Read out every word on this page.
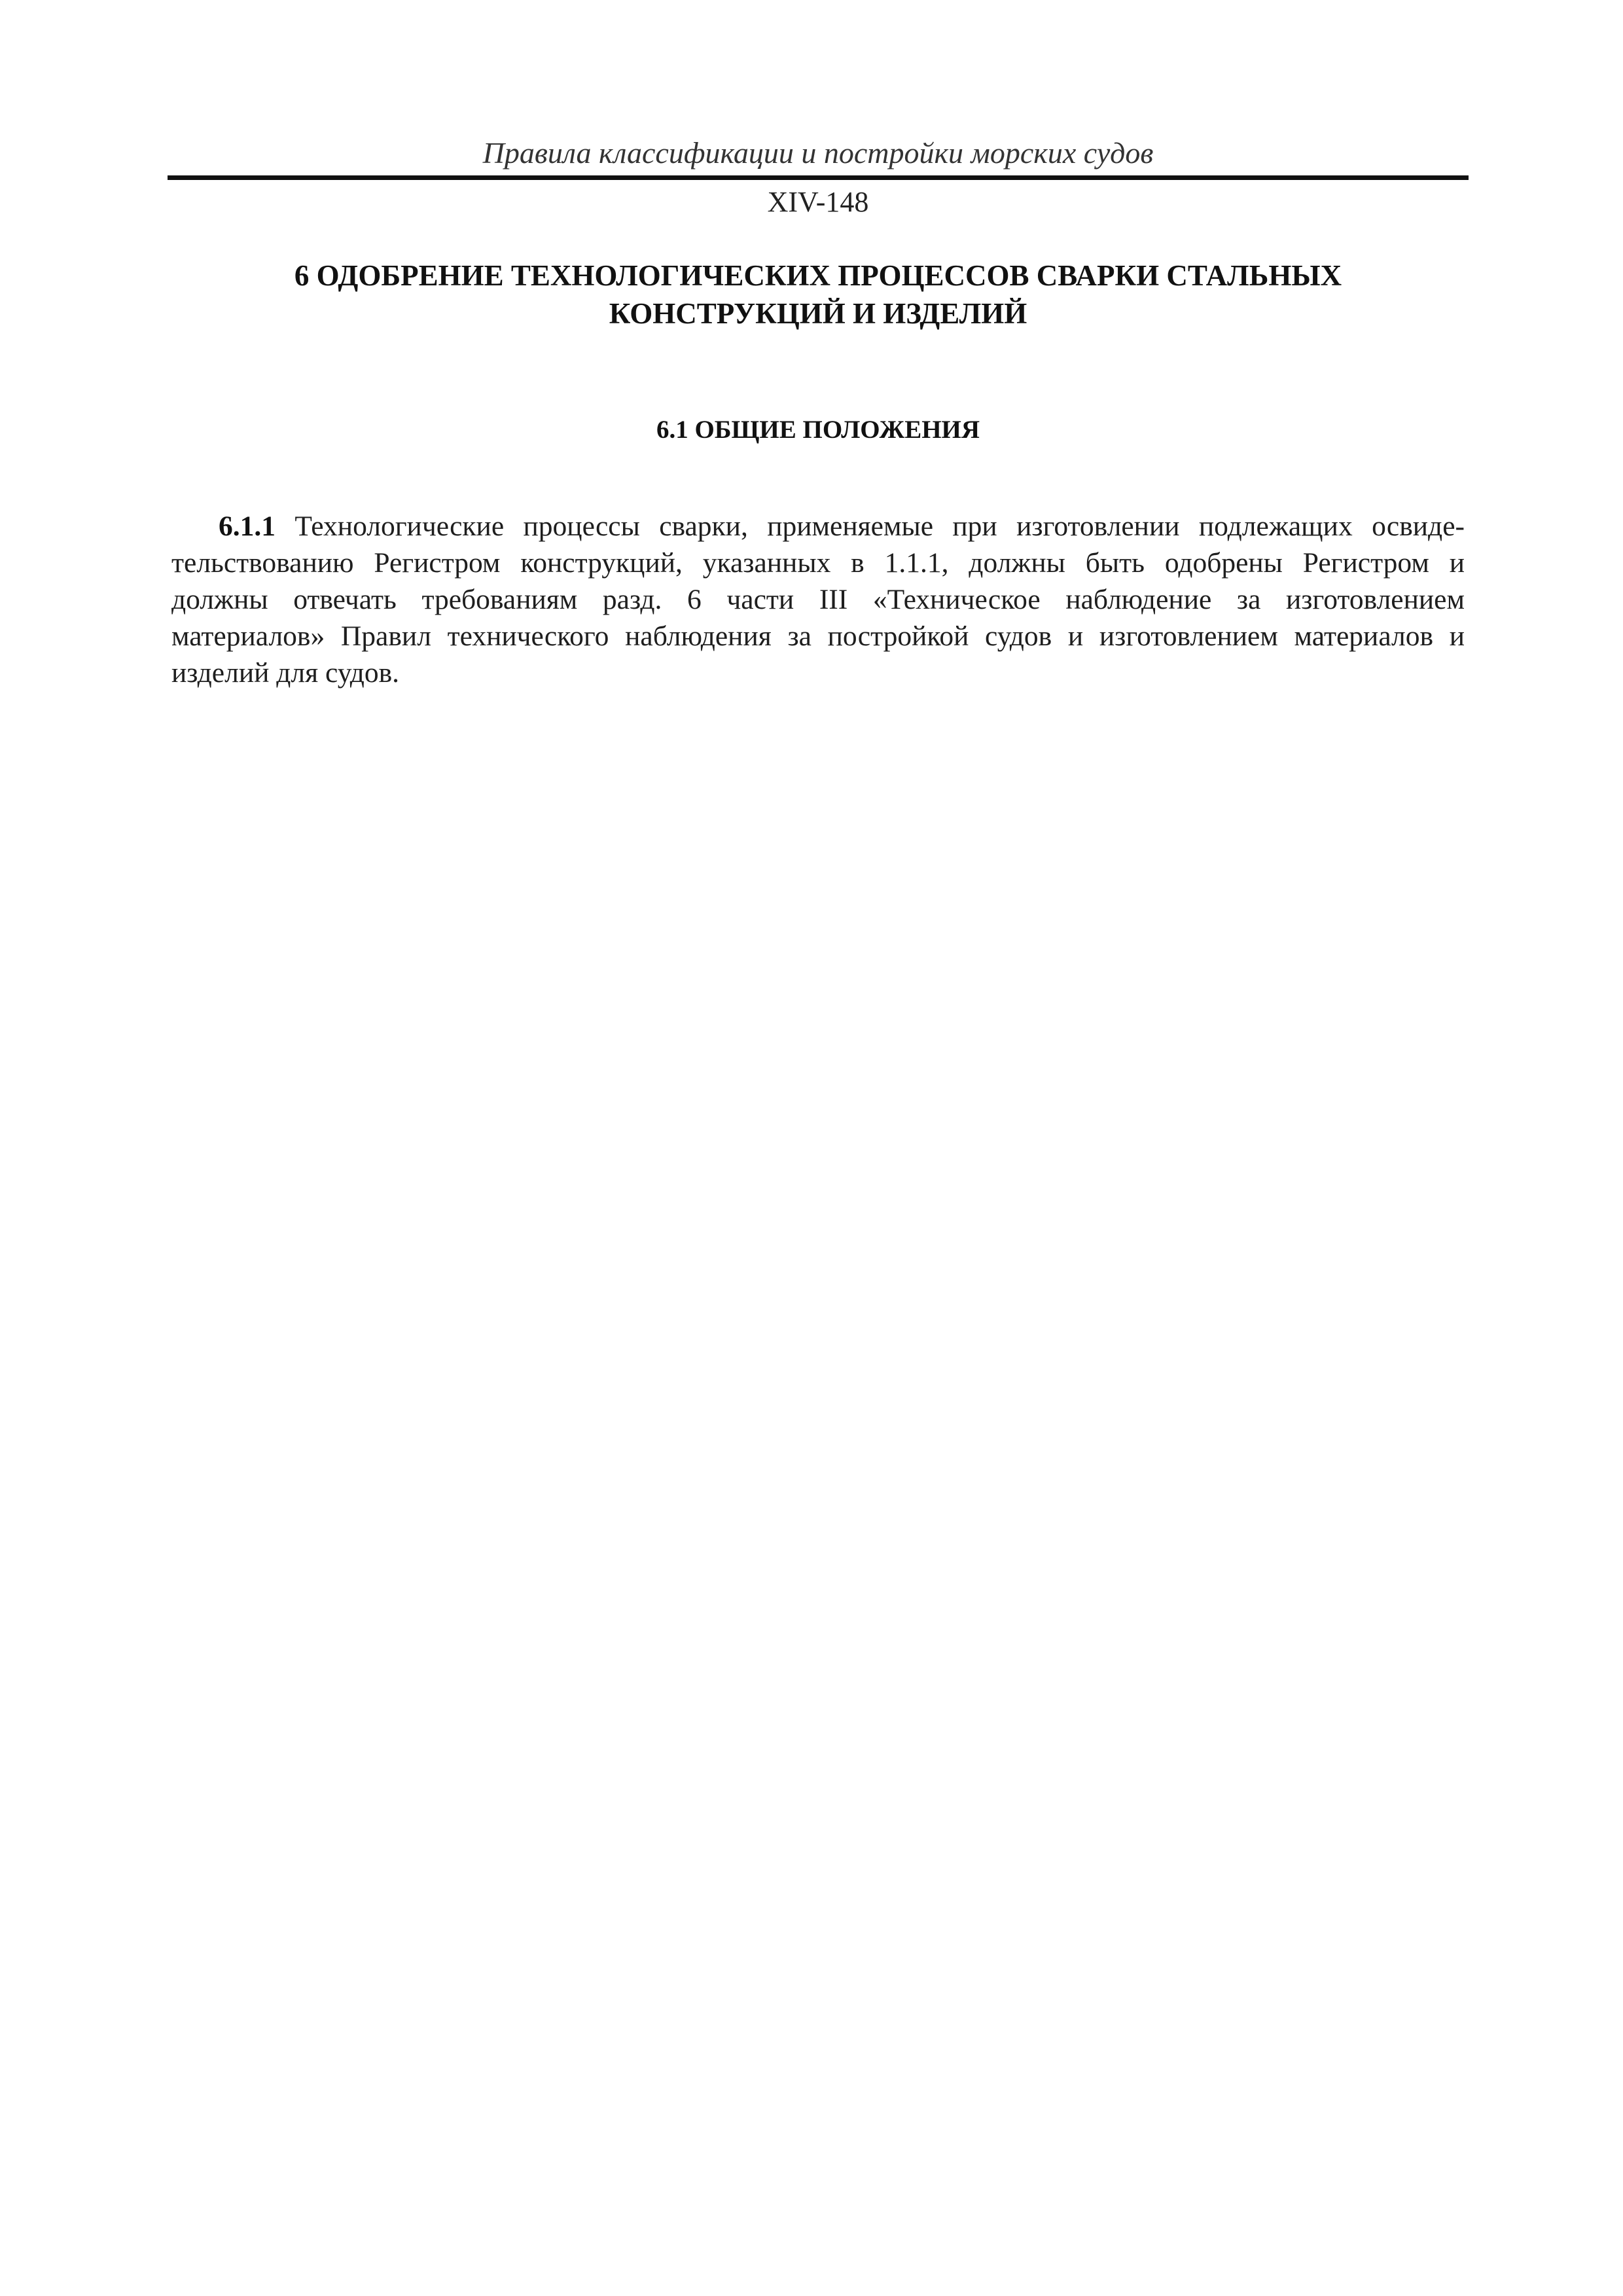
Правила классификации и постройки морских судов
XIV-148
6 ОДОБРЕНИЕ ТЕХНОЛОГИЧЕСКИХ ПРОЦЕССОВ СВАРКИ СТАЛЬНЫХ
КОНСТРУКЦИЙ И ИЗДЕЛИЙ
6.1 ОБЩИЕ ПОЛОЖЕНИЯ

6.1.1 Технологические процессы сварки, применяемые при изготовлении подлежащих освиде-
тельствованию Регистром конструкций, указанных в 1.1.1, должны быть одобрены Регистром и
должны отвечать требованиям разд. 6 части III «Техническое наблюдение за изготовлением
материалов» Правил технического наблюдения за постройкой судов и изготовлением материалов и
изделий для судов.
